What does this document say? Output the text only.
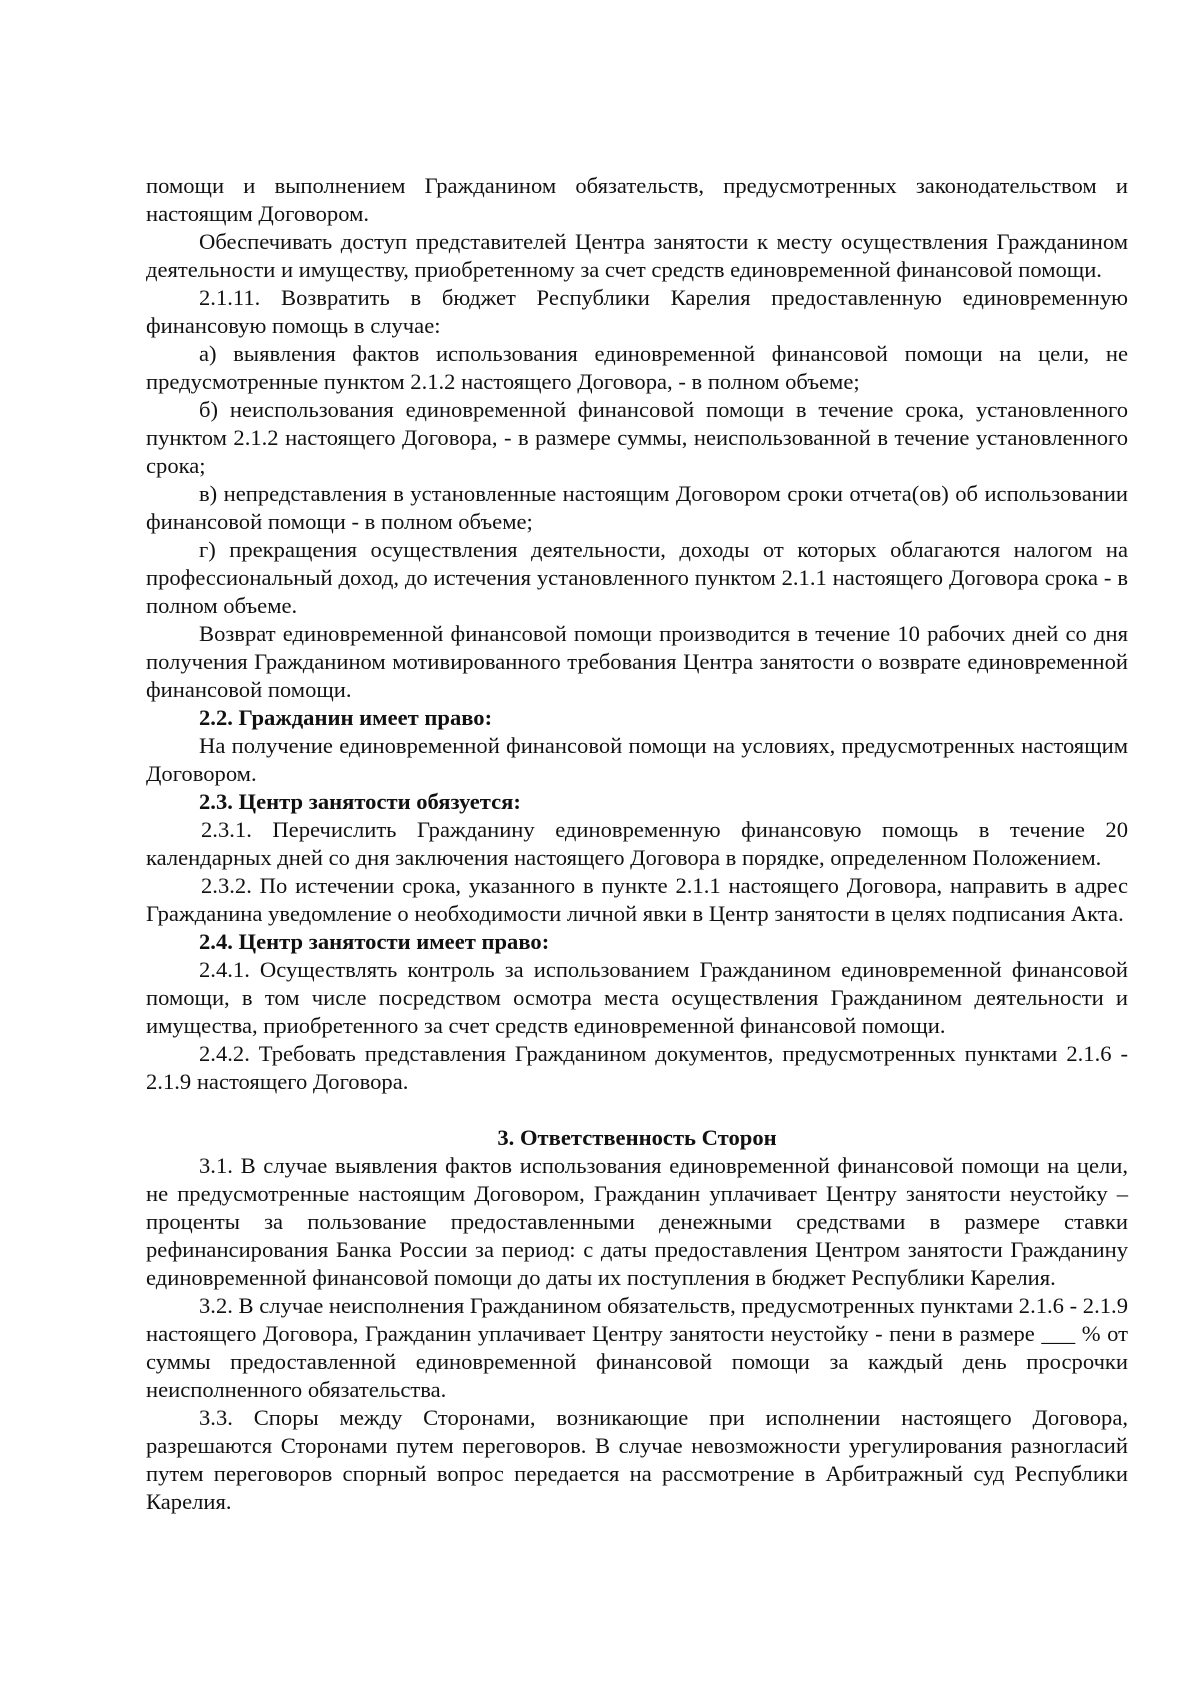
помощи и выполнением Гражданином обязательств, предусмотренных законодательством и настоящим Договором.

Обеспечивать доступ представителей Центра занятости к месту осуществления Гражданином деятельности и имуществу, приобретенному за счет средств единовременной финансовой помощи.

2.1.11. Возвратить в бюджет Республики Карелия предоставленную единовременную финансовую помощь в случае:

а) выявления фактов использования единовременной финансовой помощи на цели, не предусмотренные пунктом 2.1.2 настоящего Договора, - в полном объеме;

б) неиспользования единовременной финансовой помощи в течение срока, установленного пунктом 2.1.2 настоящего Договора, - в размере суммы, неиспользованной в течение установленного срока;

в) непредставления в установленные настоящим Договором сроки отчета(ов) об использовании финансовой помощи - в полном объеме;

г) прекращения осуществления деятельности, доходы от которых облагаются налогом на профессиональный доход, до истечения установленного пунктом 2.1.1 настоящего Договора срока - в полном объеме.

Возврат единовременной финансовой помощи производится в течение 10 рабочих дней со дня получения Гражданином мотивированного требования Центра занятости о возврате единовременной финансовой помощи.

2.2. Гражданин имеет право:

На получение единовременной финансовой помощи на условиях, предусмотренных настоящим Договором.

2.3. Центр занятости обязуется:

2.3.1. Перечислить Гражданину единовременную финансовую помощь в течение 20 календарных дней со дня заключения настоящего Договора в порядке, определенном Положением.

2.3.2. По истечении срока, указанного в пункте 2.1.1 настоящего Договора, направить в адрес Гражданина уведомление о необходимости личной явки в Центр занятости в целях подписания Акта.

2.4. Центр занятости имеет право:

2.4.1. Осуществлять контроль за использованием Гражданином единовременной финансовой помощи, в том числе посредством осмотра места осуществления Гражданином деятельности и имущества, приобретенного за счет средств единовременной финансовой помощи.

2.4.2. Требовать представления Гражданином документов, предусмотренных пунктами 2.1.6 - 2.1.9 настоящего Договора.

3. Ответственность Сторон

3.1. В случае выявления фактов использования единовременной финансовой помощи на цели, не предусмотренные настоящим Договором, Гражданин уплачивает Центру занятости неустойку – проценты за пользование предоставленными денежными средствами в размере ставки рефинансирования Банка России за период: с даты предоставления Центром занятости Гражданину единовременной финансовой помощи до даты их поступления в бюджет Республики Карелия.

3.2. В случае неисполнения Гражданином обязательств, предусмотренных пунктами 2.1.6 - 2.1.9 настоящего Договора, Гражданин уплачивает Центру занятости неустойку - пени в размере ___ % от суммы предоставленной единовременной финансовой помощи за каждый день просрочки неисполненного обязательства.

3.3. Споры между Сторонами, возникающие при исполнении настоящего Договора, разрешаются Сторонами путем переговоров. В случае невозможности урегулирования разногласий путем переговоров спорный вопрос передается на рассмотрение в Арбитражный суд Республики Карелия.
